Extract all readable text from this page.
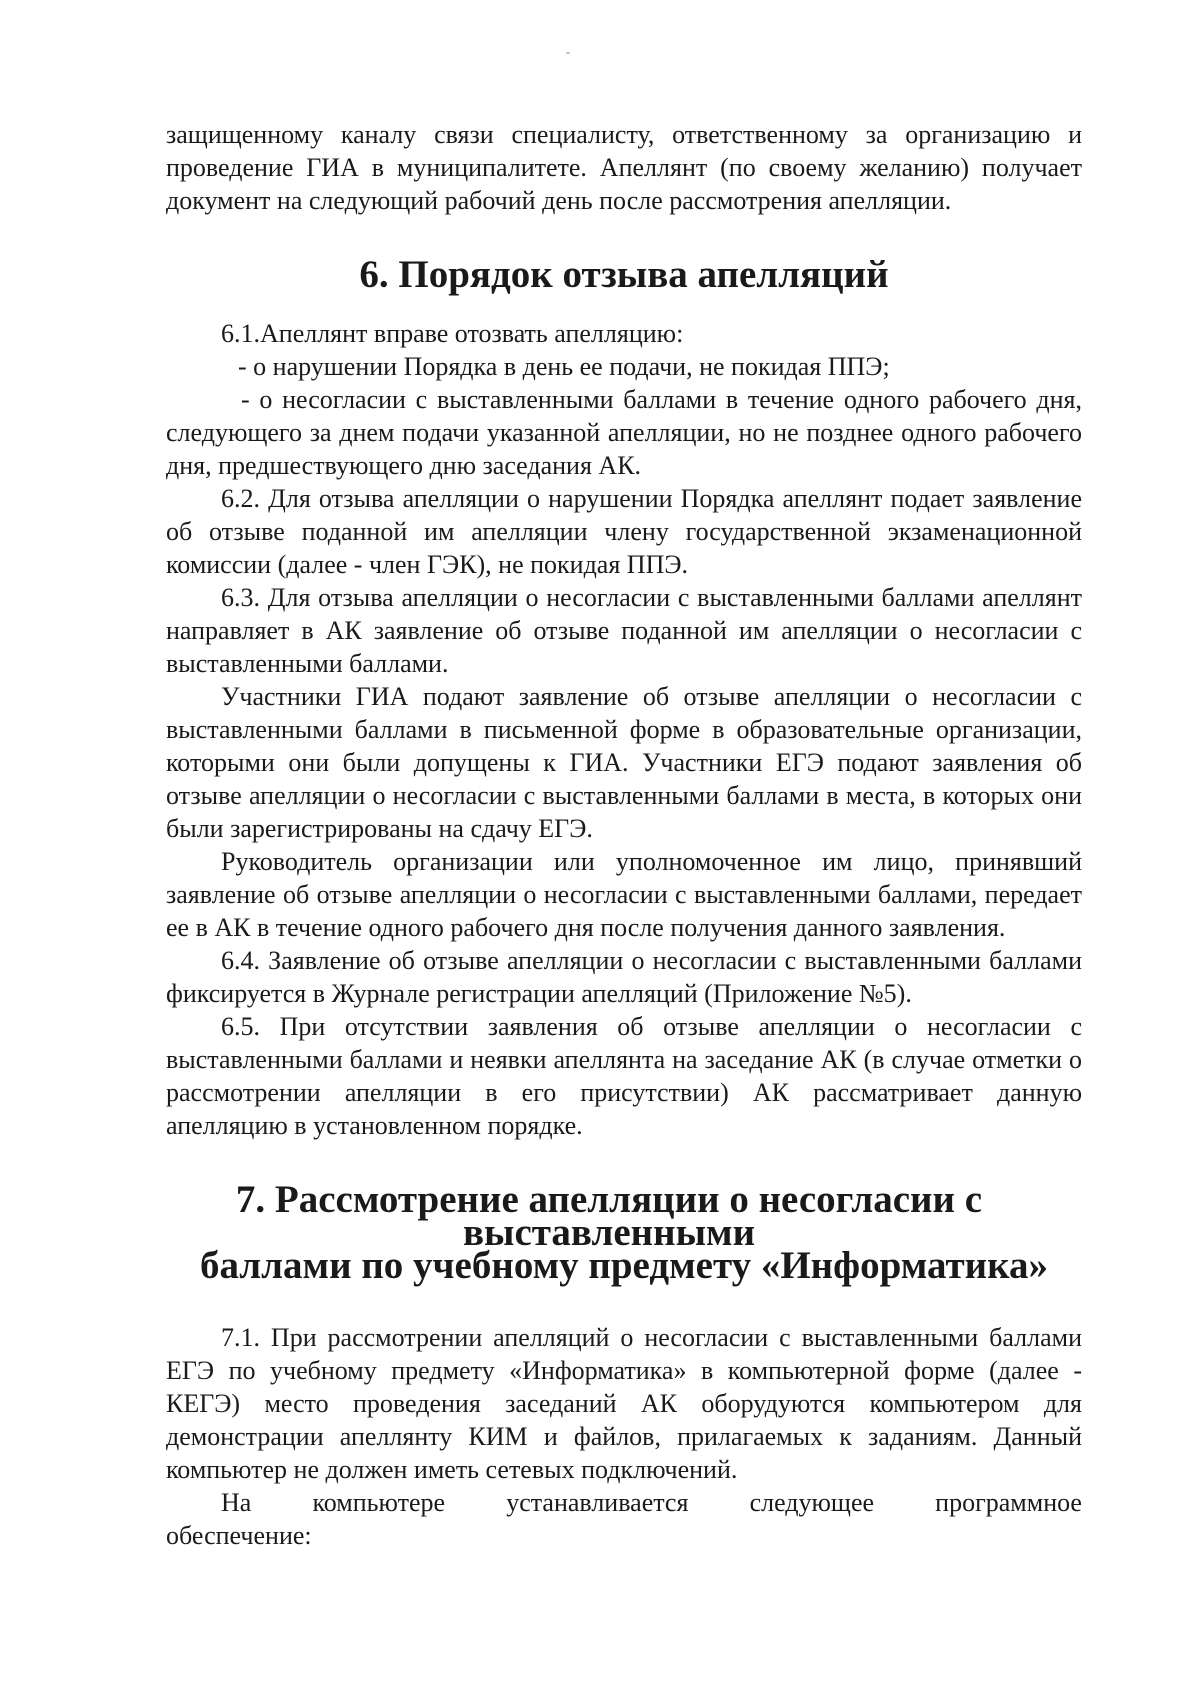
защищенному каналу связи специалисту, ответственному за организацию и проведение ГИА в муниципалитете. Апеллянт (по своему желанию) получает документ на следующий рабочий день после рассмотрения апелляции.

6. Порядок отзыва апелляций

6.1.Апеллянт вправе отозвать апелляцию:

- о нарушении Порядка в день ее подачи, не покидая ППЭ;

- о несогласии с выставленными баллами в течение одного рабочего дня, следующего за днем подачи указанной апелляции, но не позднее одного рабочего дня, предшествующего дню заседания АК.

6.2. Для отзыва апелляции о нарушении Порядка апеллянт подает заявление об отзыве поданной им апелляции члену государственной экзаменационной комиссии (далее - член ГЭК), не покидая ППЭ.

6.3. Для отзыва апелляции о несогласии с выставленными баллами апеллянт направляет в АК заявление об отзыве поданной им апелляции о несогласии с выставленными баллами.

Участники ГИА подают заявление об отзыве апелляции о несогласии с выставленными баллами в письменной форме в образовательные организации, которыми они были допущены к ГИА. Участники ЕГЭ подают заявления об отзыве апелляции о несогласии с выставленными баллами в места, в которых они были зарегистрированы на сдачу ЕГЭ.

Руководитель организации или уполномоченное им лицо, принявший заявление об отзыве апелляции о несогласии с выставленными баллами, передает ее в АК в течение одного рабочего дня после получения данного заявления.

6.4. Заявление об отзыве апелляции о несогласии с выставленными баллами фиксируется в Журнале регистрации апелляций (Приложение №5).

6.5. При отсутствии заявления об отзыве апелляции о несогласии с выставленными баллами и неявки апеллянта на заседание АК (в случае отметки о рассмотрении апелляции в его присутствии) АК рассматривает данную апелляцию в установленном порядке.

7. Рассмотрение апелляции о несогласии с выставленными
баллами по учебному предмету «Информатика»

7.1. При рассмотрении апелляций о несогласии с выставленными баллами ЕГЭ по учебному предмету «Информатика» в компьютерной форме (далее - КЕГЭ) место проведения заседаний АК оборудуются компьютером для демонстрации апеллянту КИМ и файлов, прилагаемых к заданиям. Данный компьютер не должен иметь сетевых подключений.

На компьютере устанавливается следующее программное

обеспечение:
